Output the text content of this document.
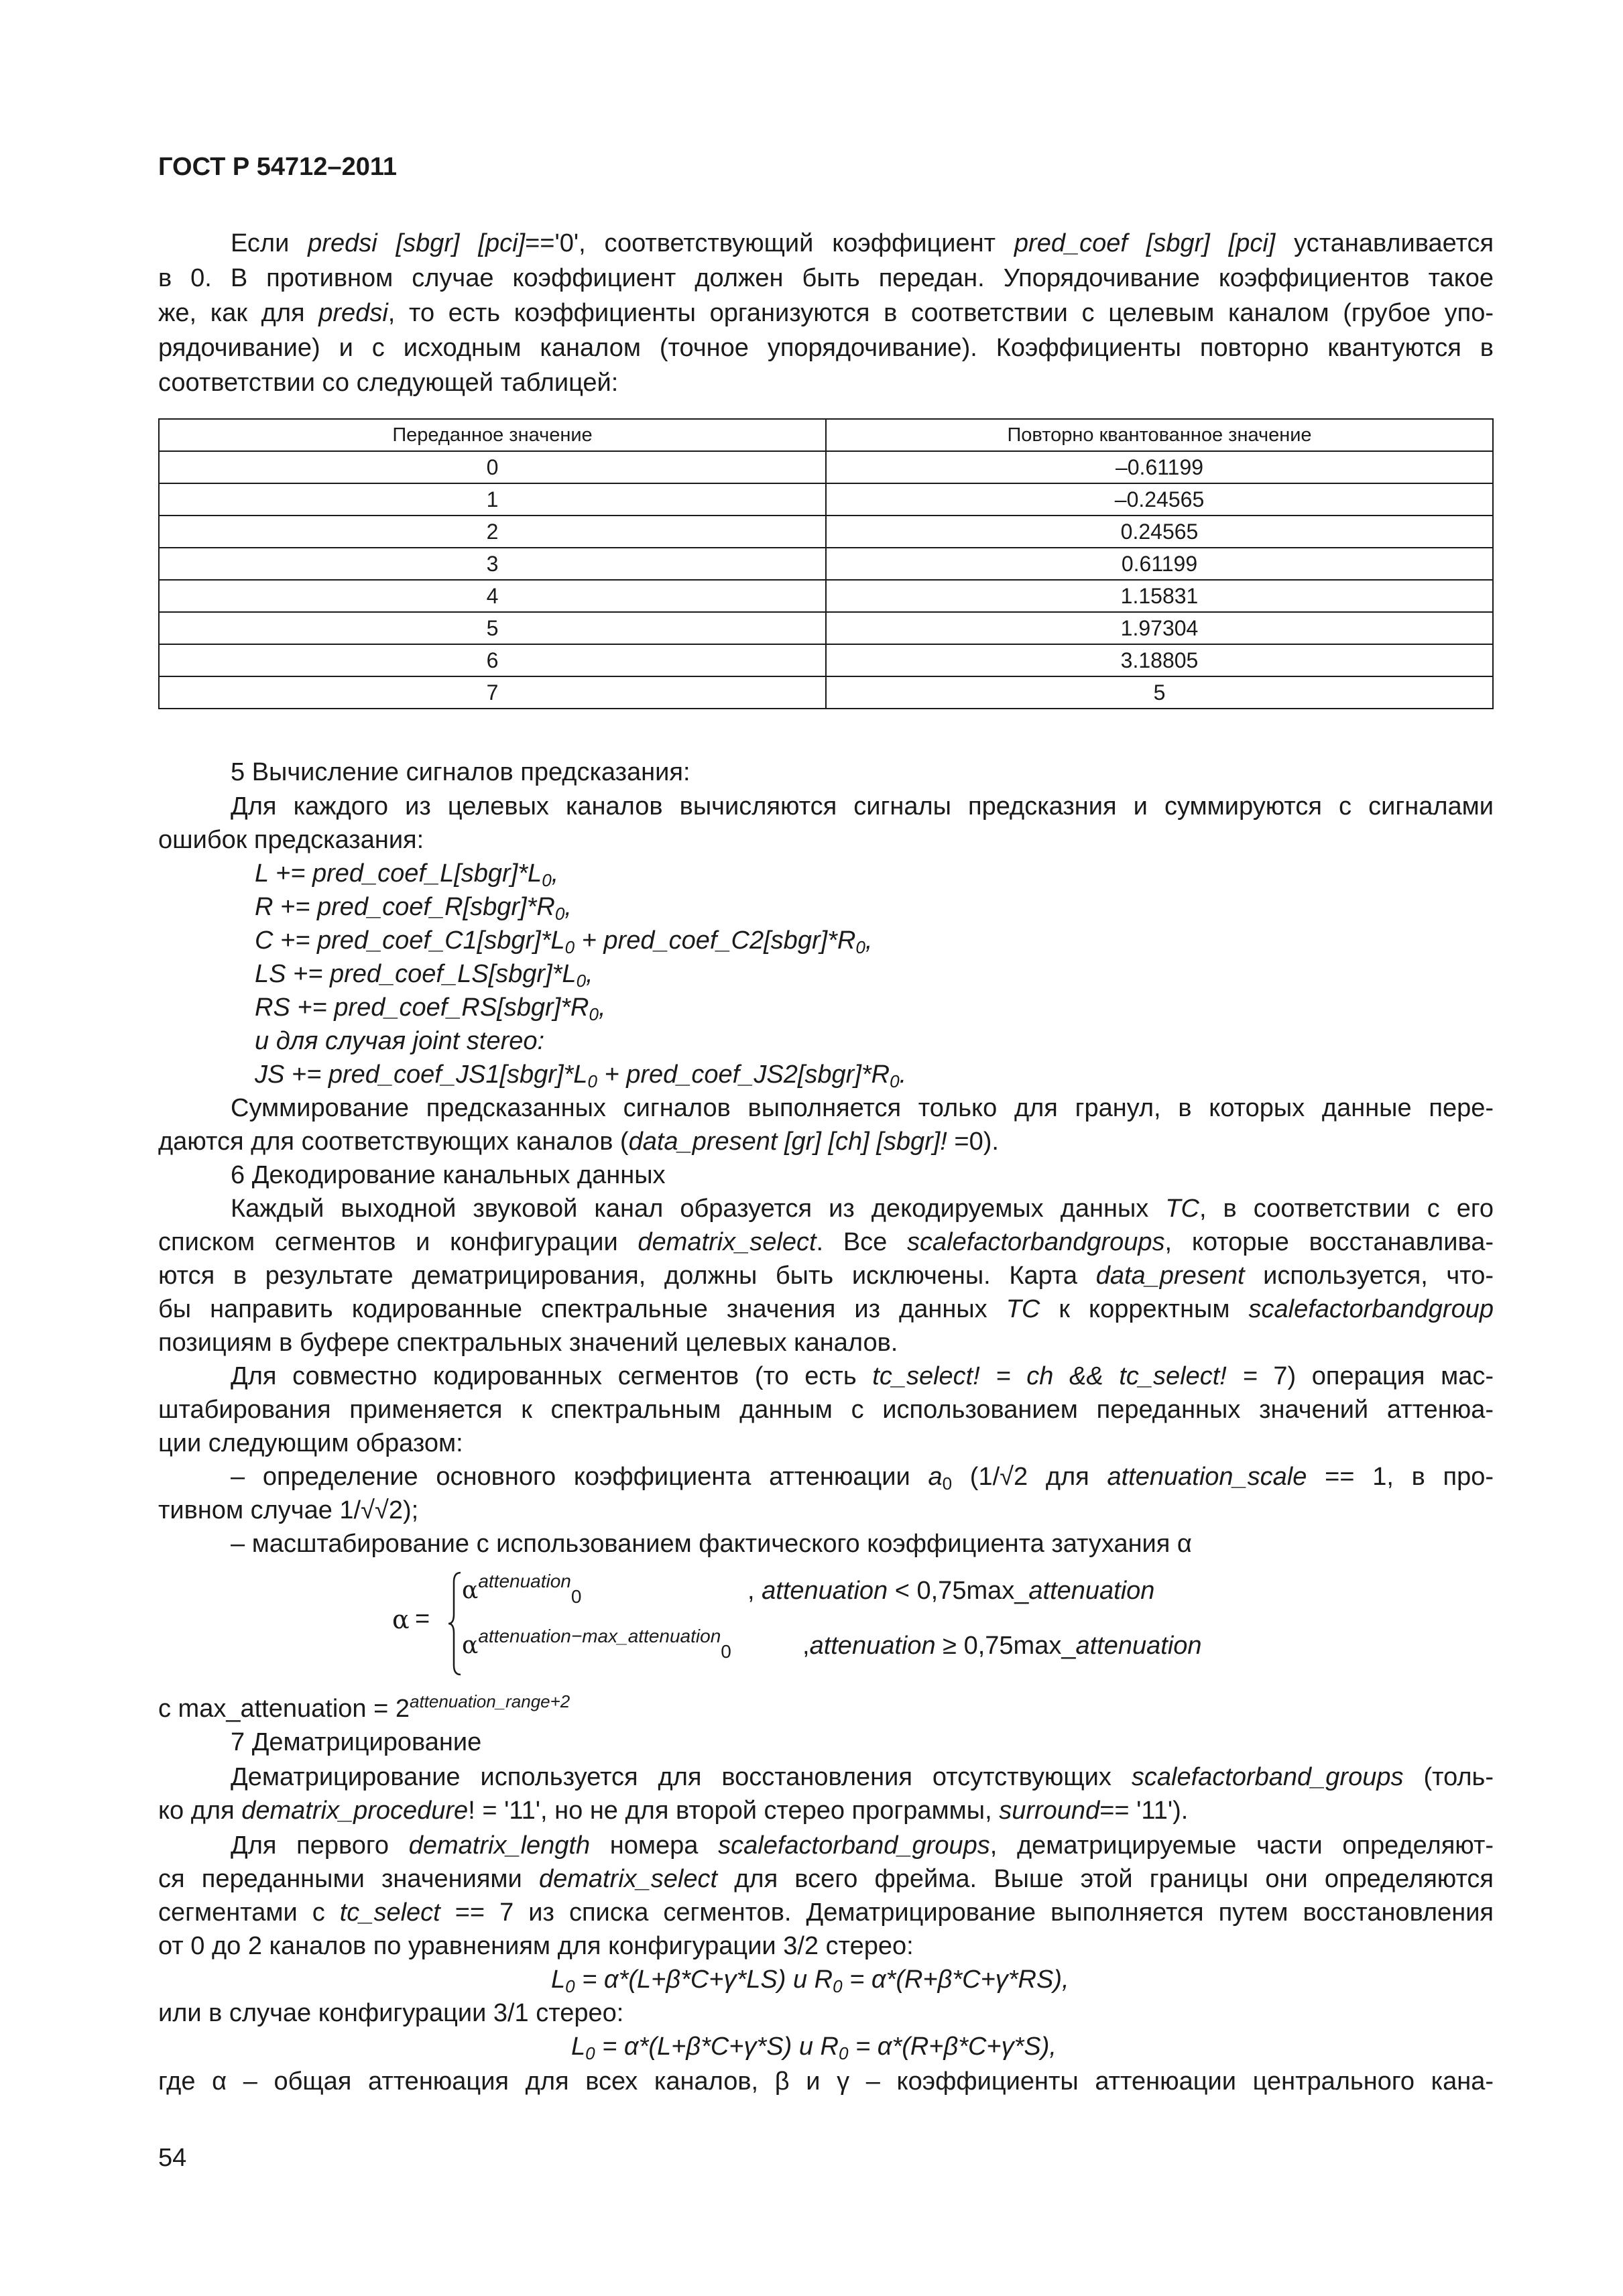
ГОСТ Р 54712–2011
Если predsi [sbgr] [pci]=='0', соответствующий коэффициент pred_coef [sbgr] [pci] устанавливается
в 0. В противном случае коэффициент должен быть передан. Упорядочивание коэффициентов такое
же, как для predsi, то есть коэффициенты организуются в соответствии с целевым каналом (грубое упо-
рядочивание) и с исходным каналом (точное упорядочивание). Коэффициенты повторно квантуются в
соответствии со следующей таблицей:
Переданное значение	Повторно квантованное значение
0	–0.61199
1	–0.24565
2	0.24565
3	0.61199
4	1.15831
5	1.97304
6	3.18805
7	5
5 Вычисление сигналов предсказания:
Для каждого из целевых каналов вычисляются сигналы предсказния и суммируются с сигналами
ошибок предсказания:
$L += pred\_coef\_L[sbgr]*L_0$,
$R += pred\_coef\_R[sbgr]*R_0$,
$C += pred\_coef\_C1[sbgr]*L_0$ + $pred\_coef\_C2[sbgr]*R_0$,
LS += $pred\_coef\_LS[sbgr]*L_0$,
RS += $pred\_coef\_RS[sbgr]*R_0$,
и для случая joint stereo:
JS += $pred\_coef\_JS1[sbgr]*L_0$ + $pred\_coef\_JS2[sbgr]*R_0$.
Суммирование предсказанных сигналов выполняется только для гранул, в которых данные пере-
даются для соответствующих каналов (data_present [gr] [ch] [sbgr]! =0).
6 Декодирование канальных данных
Каждый выходной звуковой канал образуется из декодируемых данных TC, в соответствии с его
списком сегментов и конфигурации dematrix_select. Все scalefactorbandgroups, которые восстанавлива-
ются в результате дематрицирования, должны быть исключены. Карта data_present используется, что-
бы направить кодированные спектральные значения из данных TC к корректным scalefactorbandgroup
позициям в буфере спектральных значений целевых каналов.
Для совместно кодированных сегментов (то есть tc_select! = ch && tc_select! = 7) операция мас-
штабирования применяется к спектральным данным с использованием переданных значений аттенюа-
ции следующим образом:
– определение основного коэффициента аттенюации $a_0$ (1/√2 для attenuation_scale == 1, в про-
тивном случае 1/√√2);
– масштабирование с использованием фактического коэффициента затухания α
α =
$\alpha^{attenuation}_0$	, attenuation < 0,75max_attenuation
$\alpha^{attenuation-max\_attenuation}_0$	,attenuation ≥ 0,75max_attenuation
с max_attenuation = $2^{attenuation\_range+2}$
7 Дематрицирование
Дематрицирование используется для восстановления отсутствующих scalefactorband_groups (толь-
ко для dematrix_procedure! = '11', но не для второй стерео программы, surround== '11').
Для первого dematrix_length номера scalefactorband_groups, дематрицируемые части определяют-
ся переданными значениями dematrix_select для всего фрейма. Выше этой границы они определяются
сегментами с tc_select == 7 из списка сегментов. Дематрицирование выполняется путем восстановления
от 0 до 2 каналов по уравнениям для конфигурации 3/2 стерео:
$L_0 = \alpha*(L+\beta*C+\gamma*LS)$ и $R_0 = \alpha*(R+\beta*C+\gamma*RS)$,
или в случае конфигурации 3/1 стерео:
$L_0 = \alpha*(L+\beta*C+\gamma*S)$ и $R_0 = \alpha*(R+\beta*C+\gamma*S)$,
где α – общая аттенюация для всех каналов, β и γ – коэффициенты аттенюации центрального кана-
54
